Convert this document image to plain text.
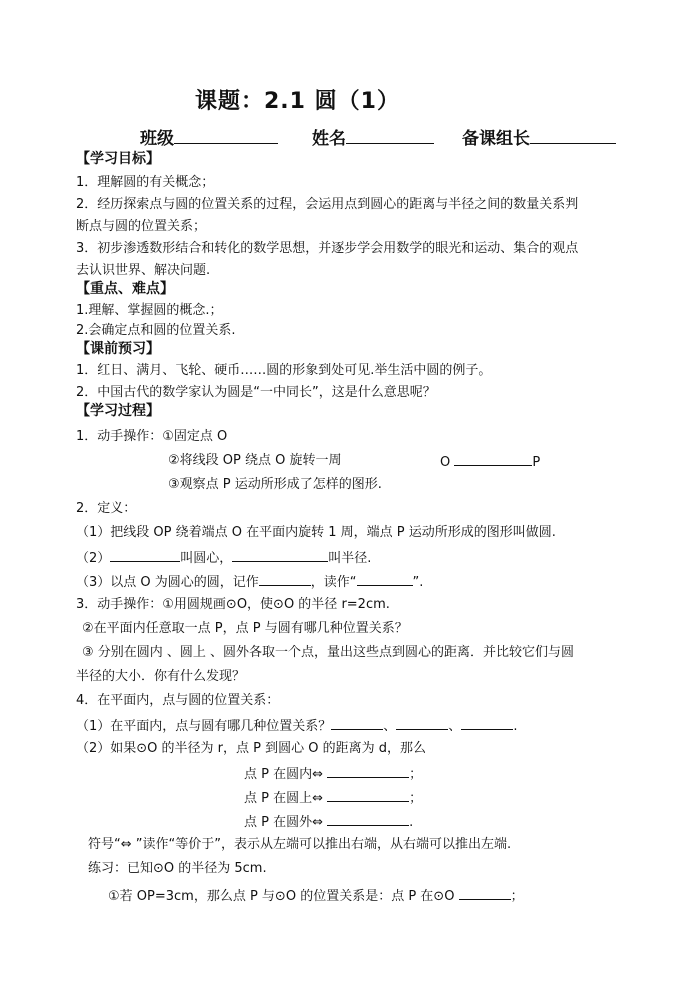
课题：2.1 圆（1）
班级	姓名	备课组长
【学习目标】
1．理解圆的有关概念；
2．经历探索点与圆的位置关系的过程，会运用点到圆心的距离与半径之间的数量关系判
断点与圆的位置关系；
3．初步渗透数形结合和转化的数学思想，并逐步学会用数学的眼光和运动、集合的观点
去认识世界、解决问题.
【重点、难点】
1.理解、掌握圆的概念.；
2.会确定点和圆的位置关系.
【课前预习】
1．红日、满月、飞轮、硬币……圆的形象到处可见.举生活中圆的例子。
2．中国古代的数学家认为圆是“一中同长”，这是什么意思呢？
【学习过程】
1．动手操作：①固定点 O
②将线段 OP 绕点 O 旋转一周	O	P
③观察点 P 运动所形成了怎样的图形.
2．定义：
（1）把线段 OP 绕着端点 O 在平面内旋转 1 周，端点 P 运动所形成的图形叫做圆.
（2）	叫圆心，	叫半径.
（3）以点 O 为圆心的圆，记作	，读作“	”.
3．动手操作：①用圆规画⊙O，使⊙O 的半径 r=2cm.
②在平面内任意取一点 P，点 P 与圆有哪几种位置关系？
③ 分别在圆内 、圆上 、圆外各取一个点，量出这些点到圆心的距离．并比较它们与圆
半径的大小．你有什么发现？
4．在平面内，点与圆的位置关系：
（1）在平面内，点与圆有哪几种位置关系？	、	、	.
（2）如果⊙O 的半径为 r，点 P 到圆心 O 的距离为 d，那么
点 P 在圆内⇔	；
点 P 在圆上⇔	；
点 P 在圆外⇔	.
符号“⇔ ”读作“等价于”，表示从左端可以推出右端，从右端可以推出左端.
练习：已知⊙O 的半径为 5cm.
①若 OP=3cm，那么点 P 与⊙O 的位置关系是：点 P 在⊙O	；
